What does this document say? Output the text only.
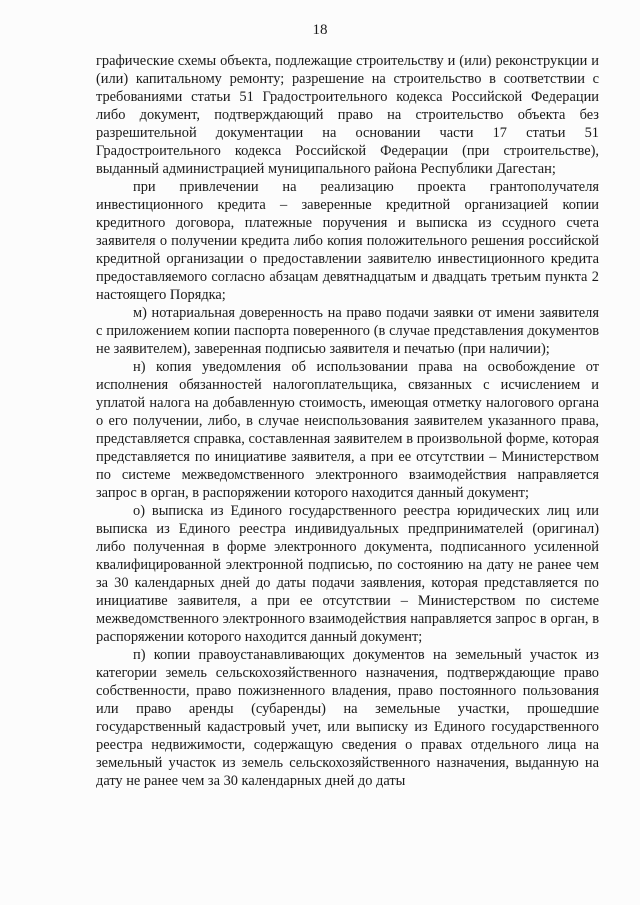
18

графические схемы объекта, подлежащие строительству и (или) реконструкции и (или) капитальному ремонту; разрешение на строительство в соответствии с требованиями статьи 51 Градостроительного кодекса Российской Федерации либо документ, подтверждающий право на строительство объекта без разрешительной документации на основании части 17 статьи 51 Градостроительного кодекса Российской Федерации (при строительстве), выданный администрацией муниципального района Республики Дагестан;

при привлечении на реализацию проекта грантополучателя инвестиционного кредита – заверенные кредитной организацией копии кредитного договора, платежные поручения и выписка из ссудного счета заявителя о получении кредита либо копия положительного решения российской кредитной организации о предоставлении заявителю инвестиционного кредита предоставляемого согласно абзацам девятнадцатым и двадцать третьим пункта 2 настоящего Порядка;

м) нотариальная доверенность на право подачи заявки от имени заявителя с приложением копии паспорта поверенного (в случае представления документов не заявителем), заверенная подписью заявителя и печатью (при наличии);

н) копия уведомления об использовании права на освобождение от исполнения обязанностей налогоплательщика, связанных с исчислением и уплатой налога на добавленную стоимость, имеющая отметку налогового органа о его получении, либо, в случае неиспользования заявителем указанного права, представляется справка, составленная заявителем в произвольной форме, которая представляется по инициативе заявителя, а при ее отсутствии – Министерством по системе межведомственного электронного взаимодействия направляется запрос в орган, в распоряжении которого находится данный документ;

о) выписка из Единого государственного реестра юридических лиц или выписка из Единого реестра индивидуальных предпринимателей (оригинал) либо полученная в форме электронного документа, подписанного усиленной квалифицированной электронной подписью, по состоянию на дату не ранее чем за 30 календарных дней до даты подачи заявления, которая представляется по инициативе заявителя, а при ее отсутствии – Министерством по системе межведомственного электронного взаимодействия направляется запрос в орган, в распоряжении которого находится данный документ;

п) копии правоустанавливающих документов на земельный участок из категории земель сельскохозяйственного назначения, подтверждающие право собственности, право пожизненного владения, право постоянного пользования или право аренды (субаренды) на земельные участки, прошедшие государственный кадастровый учет, или выписку из Единого государственного реестра недвижимости, содержащую сведения о правах отдельного лица на земельный участок из земель сельскохозяйственного назначения, выданную на дату не ранее чем за 30 календарных дней до даты
